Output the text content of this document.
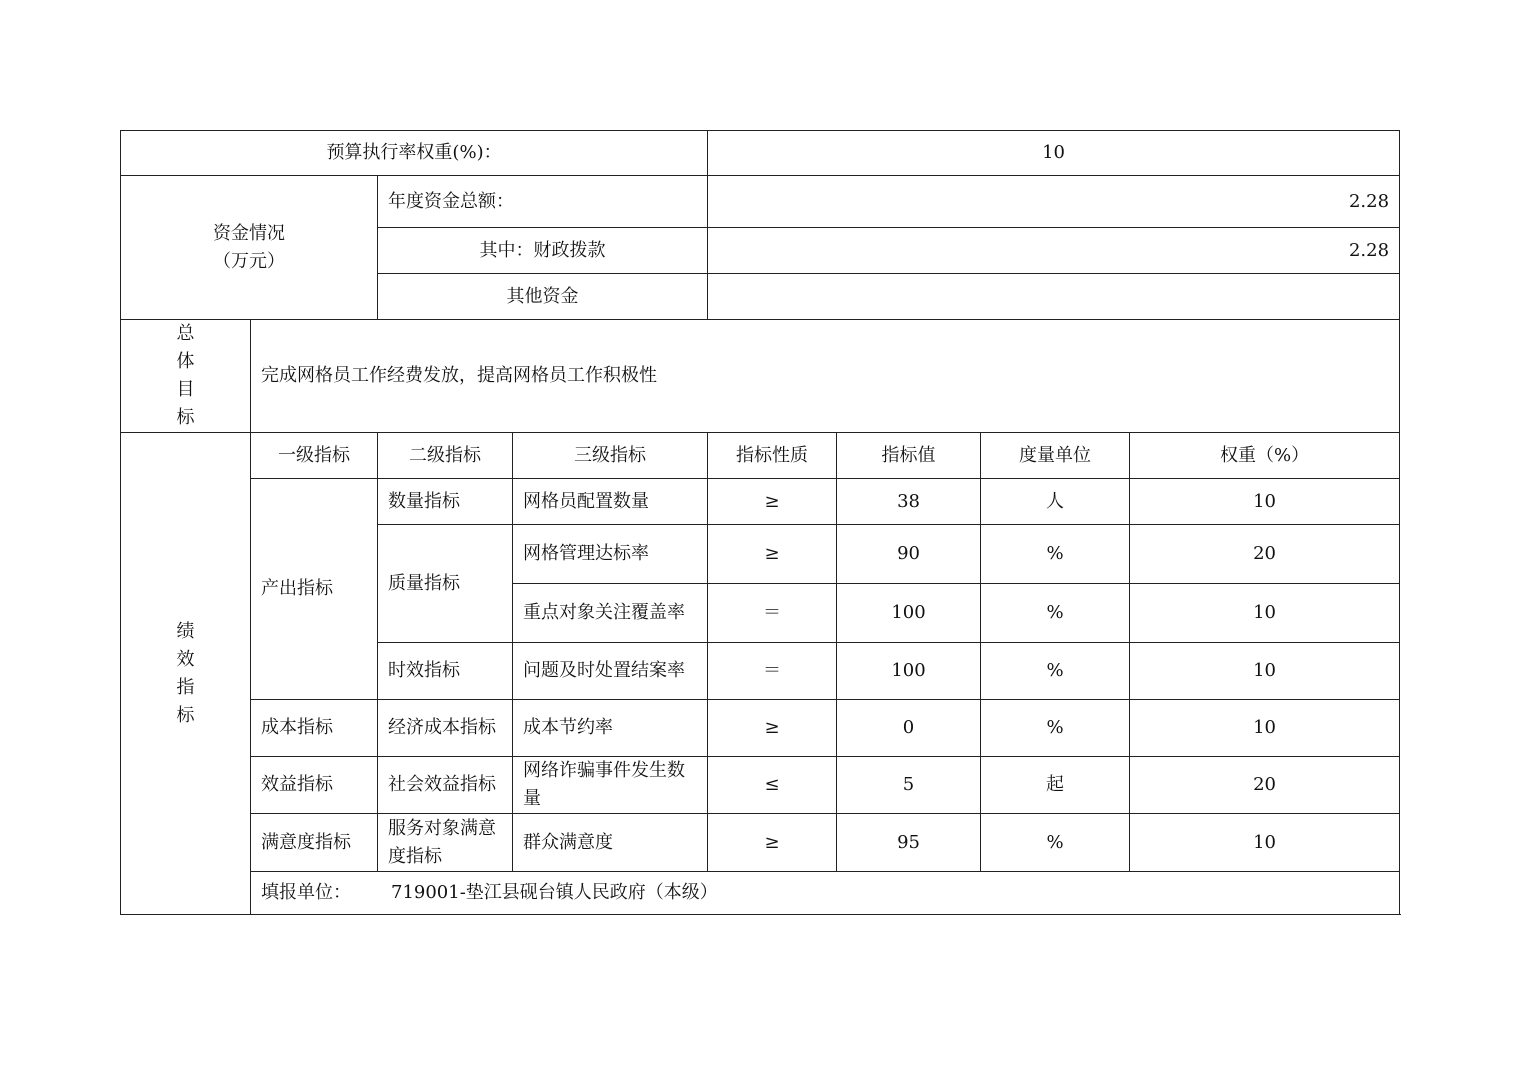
预算执行率权重(%)：				10			

资金情况
（万元）		年度资金总额：		2.28			
		其中：财政拨款		2.28			
		其他资金					

总
体
目
标	完成网格员工作经费发放，提高网格员工作积极性						

绩
效
指
标	一级指标	二级指标	三级指标	指标性质	指标值	度量单位	权重（%）
	产出指标	数量指标	网格员配置数量	≥	38	人	10
		质量指标	网格管理达标率	≥	90	%	20
			重点对象关注覆盖率	＝	100	%	10
		时效指标	问题及时处置结案率	＝	100	%	10
	成本指标	经济成本指标	成本节约率	≥	0	%	10
	效益指标	社会效益指标	网络诈骗事件发生数量	≤	5	起	20
	满意度指标	服务对象满意度指标	群众满意度	≥	95	%	10
	填报单位： 719001-垫江县砚台镇人民政府（本级）						
